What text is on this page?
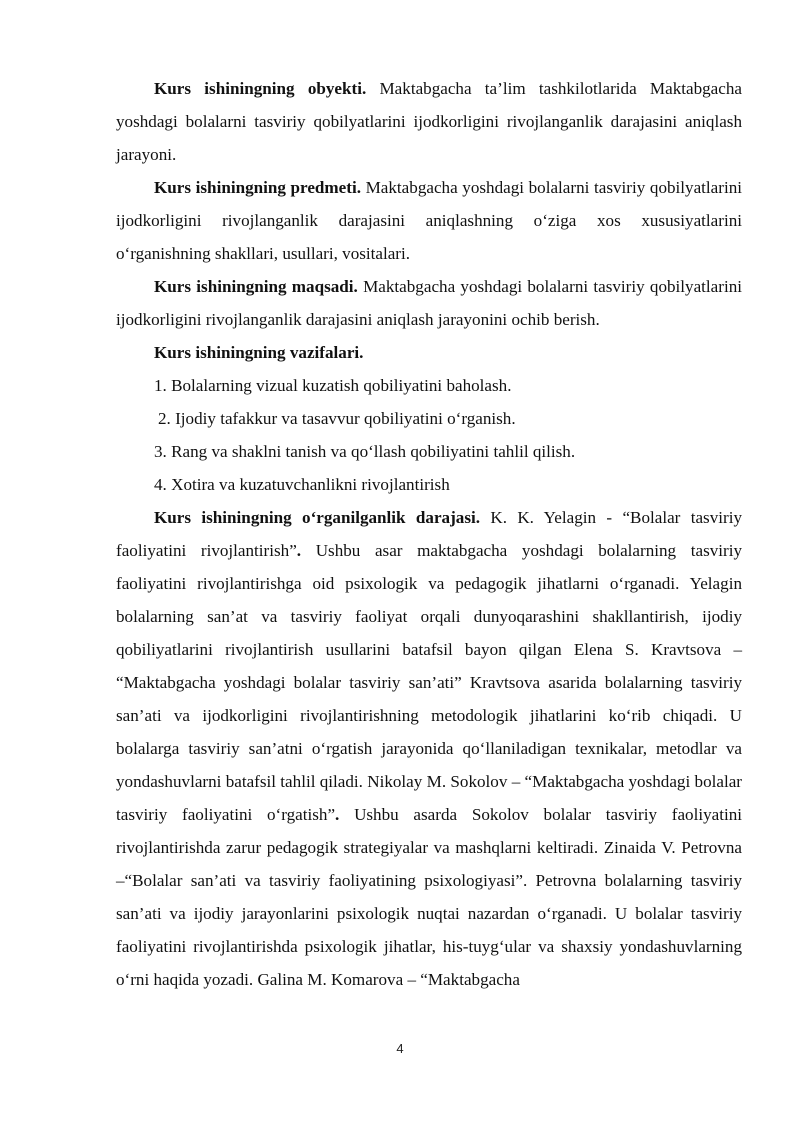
Kurs ishiningning obyekti. Maktabgacha ta’lim tashkilotlarida Maktabgacha yoshdagi bolalarni tasviriy qobilyatlarini ijodkorligini rivojlanganlik darajasini aniqlash jarayoni.

Kurs ishiningning predmeti. Maktabgacha yoshdagi bolalarni tasviriy qobilyatlarini ijodkorligini rivojlanganlik darajasini aniqlashning o‘ziga xos xususiyatlarini o‘rganishning shakllari, usullari, vositalari.

Kurs ishiningning maqsadi. Maktabgacha yoshdagi bolalarni tasviriy qobilyatlarini ijodkorligini rivojlanganlik darajasini aniqlash jarayonini ochib berish.

Kurs ishiningning vazifalari.

1. Bolalarning vizual kuzatish qobiliyatini baholash.

2. Ijodiy tafakkur va tasavvur qobiliyatini o‘rganish.

3. Rang va shaklni tanish va qo‘llash qobiliyatini tahlil qilish.

4. Xotira va kuzatuvchanlikni rivojlantirish

Kurs ishiningning o‘rganilganlik darajasi. K. K. Yelagin - “Bolalar tasviriy faoliyatini rivojlantirish”. Ushbu asar maktabgacha yoshdagi bolalarning tasviriy faoliyatini rivojlantirishga oid psixologik va pedagogik jihatlarni o‘rganadi. Yelagin bolalarning san’at va tasviriy faoliyat orqali dunyoqarashini shakllantirish, ijodiy qobiliyatlarini rivojlantirish usullarini batafsil bayon qilgan Elena S. Kravtsova – “Maktabgacha yoshdagi bolalar tasviriy san’ati” Kravtsova asarida bolalarning tasviriy san’ati va ijodkorligini rivojlantirishning metodologik jihatlarini ko‘rib chiqadi. U bolalarga tasviriy san’atni o‘rgatish jarayonida qo‘llaniladigan texnikalar, metodlar va yondashuvlarni batafsil tahlil qiladi. Nikolay M. Sokolov – “Maktabgacha yoshdagi bolalar tasviriy faoliyatini o‘rgatish”. Ushbu asarda Sokolov bolalar tasviriy faoliyatini rivojlantirishda zarur pedagogik strategiyalar va mashqlarni keltiradi. Zinaida V. Petrovna –“Bolalar san’ati va tasviriy faoliyatining psixologiyasi”. Petrovna bolalarning tasviriy san’ati va ijodiy jarayonlarini psixologik nuqtai nazardan o‘rganadi. U bolalar tasviriy faoliyatini rivojlantirishda psixologik jihatlar, his-tuyg‘ular va shaxsiy yondashuvlarning o‘rni haqida yozadi. Galina M. Komarova – “Maktabgacha

4
